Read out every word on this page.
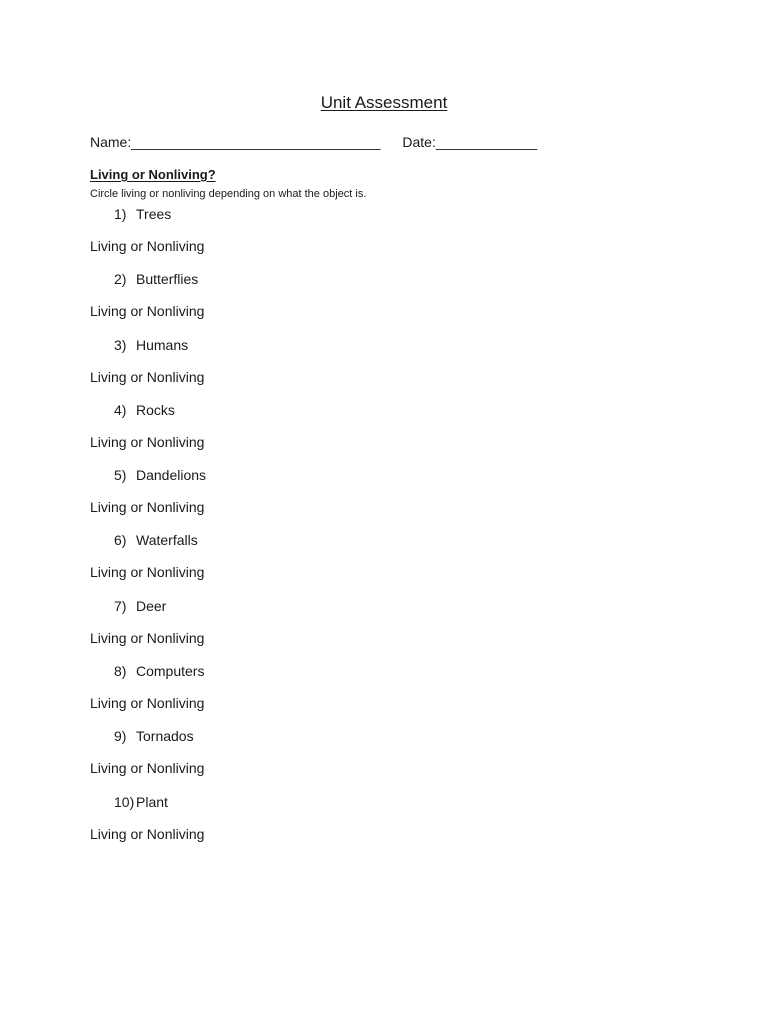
Unit Assessment
Name:________________________________ Date:_____________
Living or Nonliving?
Circle living or nonliving depending on what the object is.
1) Trees
Living or Nonliving
2) Butterflies
Living or Nonliving
3) Humans
Living or Nonliving
4) Rocks
Living or Nonliving
5) Dandelions
Living or Nonliving
6) Waterfalls
Living or Nonliving
7) Deer
Living or Nonliving
8) Computers
Living or Nonliving
9) Tornados
Living or Nonliving
10) Plant
Living or Nonliving
